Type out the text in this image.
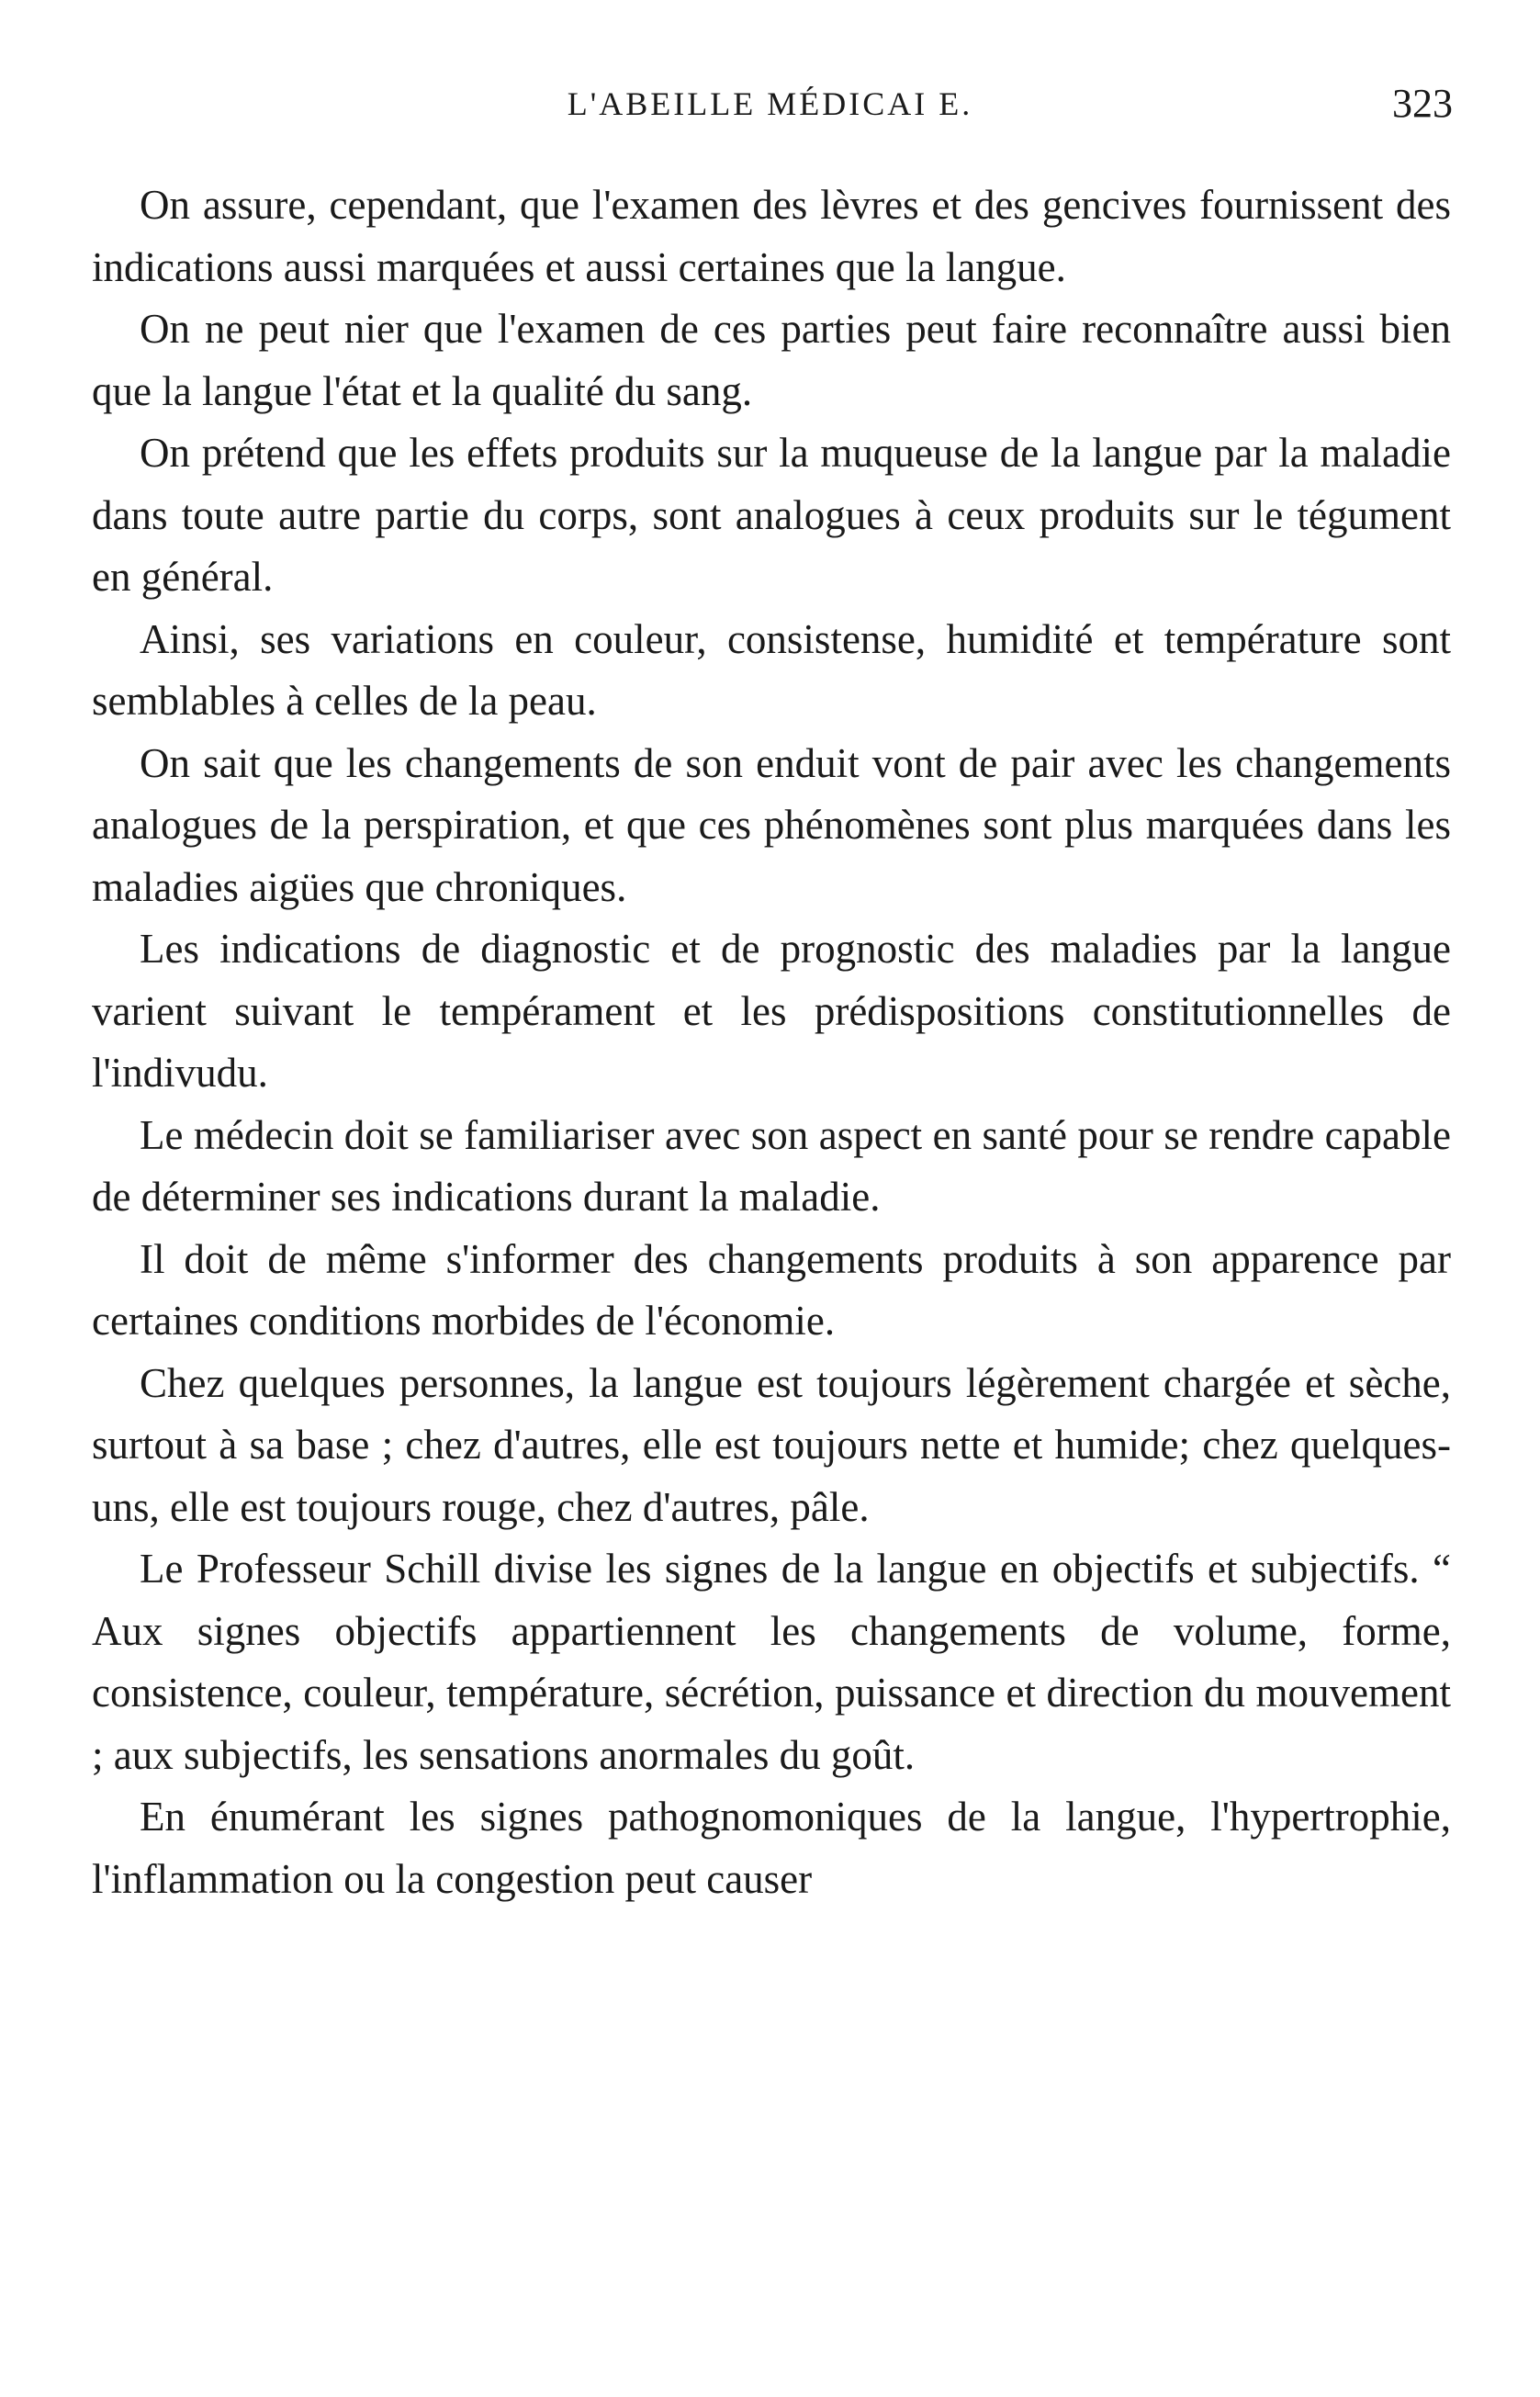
L'ABEILLE MÉDICAI E.	323

On assure, cependant, que l'examen des lèvres et des gencives fournissent des indications aussi marquées et aussi certaines que la langue.

On ne peut nier que l'examen de ces parties peut faire reconnaître aussi bien que la langue l'état et la qualité du sang.

On prétend que les effets produits sur la muqueuse de la langue par la maladie dans toute autre partie du corps, sont analogues à ceux produits sur le tégument en général.

Ainsi, ses variations en couleur, consistense, humidité et température sont semblables à celles de la peau.

On sait que les changements de son enduit vont de pair avec les changements analogues de la perspiration, et que ces phénomènes sont plus marquées dans les maladies aigües que chroniques.

Les indications de diagnostic et de prognostic des maladies par la langue varient suivant le tempérament et les prédispositions constitutionnelles de l'indivudu.

Le médecin doit se familiariser avec son aspect en santé pour se rendre capable de déterminer ses indications durant la maladie.

Il doit de même s'informer des changements produits à son apparence par certaines conditions morbides de l'économie.

Chez quelques personnes, la langue est toujours légèrement chargée et sèche, surtout à sa base ; chez d'autres, elle est toujours nette et humide; chez quelques-uns, elle est toujours rouge, chez d'autres, pâle.

Le Professeur Schill divise les signes de la langue en objectifs et subjectifs. “ Aux signes objectifs appartiennent les changements de volume, forme, consistence, couleur, température, sécrétion, puissance et direction du mouvement ; aux subjectifs, les sensations anormales du goût.

En énumérant les signes pathognomoniques de la langue, l'hypertrophie, l'inflammation ou la congestion peut causer
